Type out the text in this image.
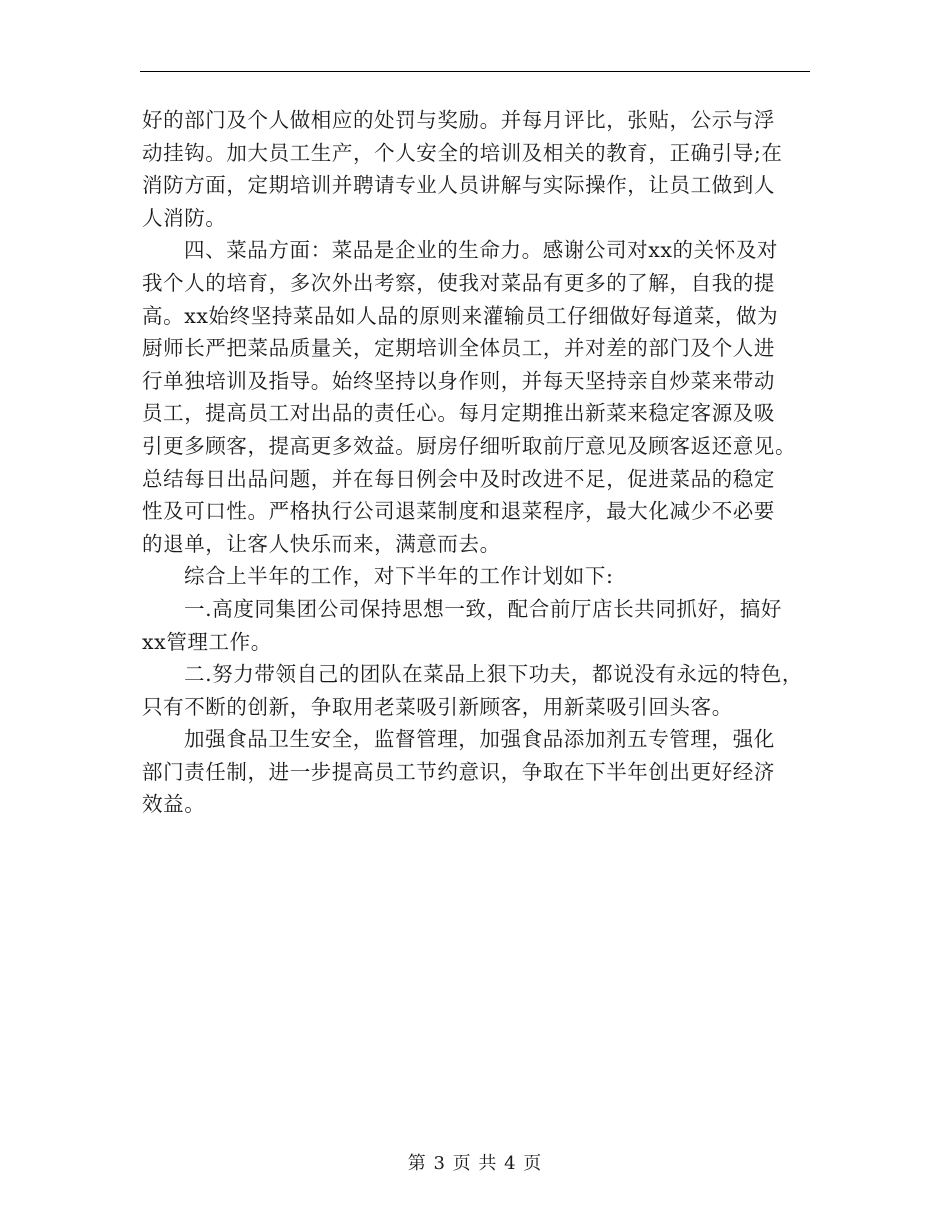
好的部门及个人做相应的处罚与奖励。并每月评比，张贴，公示与浮
动挂钩。加大员工生产，个人安全的培训及相关的教育，正确引导;在
消防方面，定期培训并聘请专业人员讲解与实际操作，让员工做到人
人消防。
四、菜品方面：菜品是企业的生命力。感谢公司对xx的关怀及对
我个人的培育，多次外出考察，使我对菜品有更多的了解，自我的提
高。xx始终坚持菜品如人品的原则来灌输员工仔细做好每道菜，做为
厨师长严把菜品质量关，定期培训全体员工，并对差的部门及个人进
行单独培训及指导。始终坚持以身作则，并每天坚持亲自炒菜来带动
员工，提高员工对出品的责任心。每月定期推出新菜来稳定客源及吸
引更多顾客，提高更多效益。厨房仔细听取前厅意见及顾客返还意见。
总结每日出品问题，并在每日例会中及时改进不足，促进菜品的稳定
性及可口性。严格执行公司退菜制度和退菜程序，最大化减少不必要
的退单，让客人快乐而来，满意而去。
综合上半年的工作，对下半年的工作计划如下:
一.高度同集团公司保持思想一致，配合前厅店长共同抓好，搞好
xx管理工作。
二.努力带领自己的团队在菜品上狠下功夫，都说没有永远的特色，
只有不断的创新，争取用老菜吸引新顾客，用新菜吸引回头客。
加强食品卫生安全，监督管理，加强食品添加剂五专管理，强化
部门责任制，进一步提高员工节约意识，争取在下半年创出更好经济
效益。
第 3 页 共 4 页
